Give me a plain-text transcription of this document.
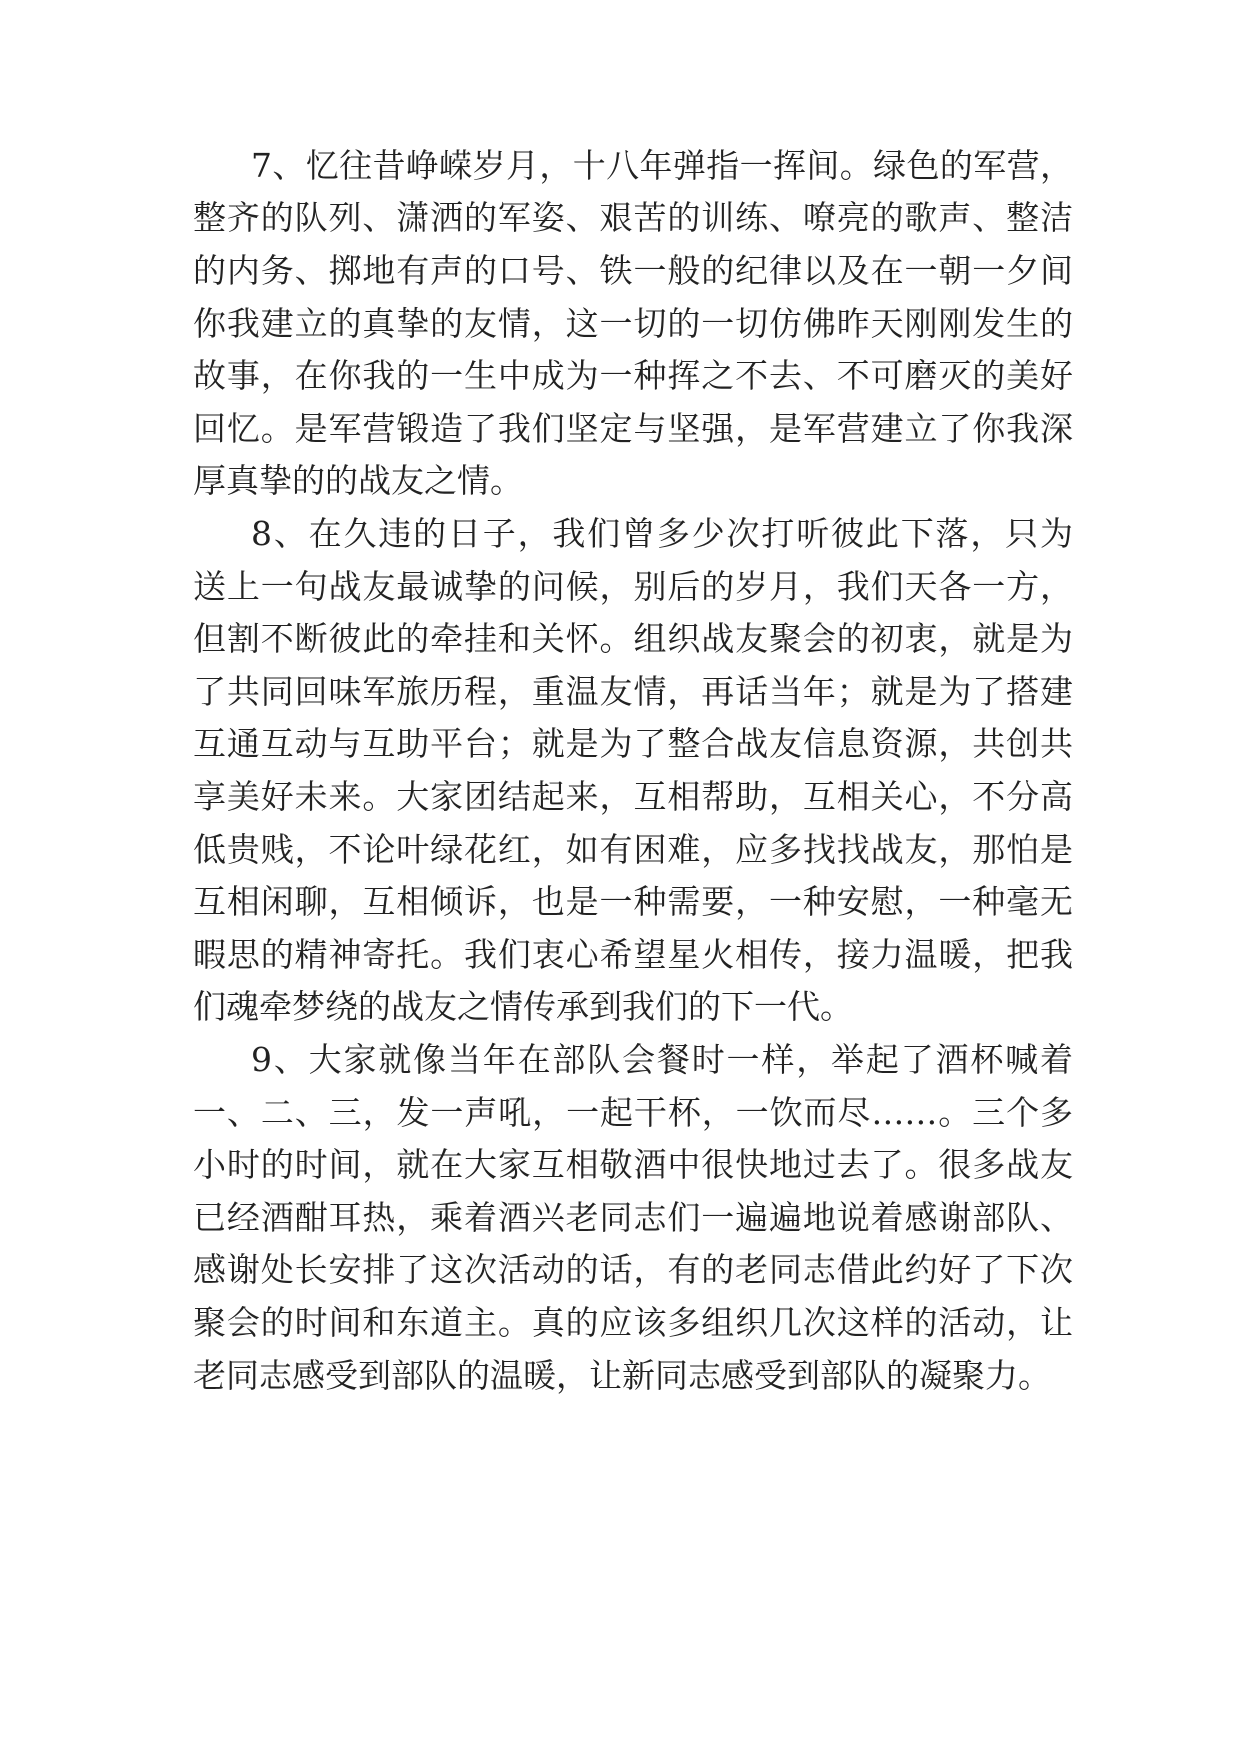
7、忆往昔峥嵘岁月，十八年弹指一挥间。绿色的军营，

整齐的队列、潇洒的军姿、艰苦的训练、嘹亮的歌声、整洁

的内务、掷地有声的口号、铁一般的纪律以及在一朝一夕间

你我建立的真挚的友情，这一切的一切仿佛昨天刚刚发生的

故事，在你我的一生中成为一种挥之不去、不可磨灭的美好

回忆。是军营锻造了我们坚定与坚强，是军营建立了你我深

厚真挚的的战友之情。

8、在久违的日子，我们曾多少次打听彼此下落，只为

送上一句战友最诚挚的问候，别后的岁月，我们天各一方，

但割不断彼此的牵挂和关怀。组织战友聚会的初衷，就是为

了共同回味军旅历程，重温友情，再话当年；就是为了搭建

互通互动与互助平台；就是为了整合战友信息资源，共创共

享美好未来。大家团结起来，互相帮助，互相关心，不分高

低贵贱，不论叶绿花红，如有困难，应多找找战友，那怕是

互相闲聊，互相倾诉，也是一种需要，一种安慰，一种毫无

暇思的精神寄托。我们衷心希望星火相传，接力温暖，把我

们魂牵梦绕的战友之情传承到我们的下一代。

9、大家就像当年在部队会餐时一样，举起了酒杯喊着

一、二、三，发一声吼，一起干杯，一饮而尽……。三个多

小时的时间，就在大家互相敬酒中很快地过去了。很多战友

已经酒酣耳热，乘着酒兴老同志们一遍遍地说着感谢部队、

感谢处长安排了这次活动的话，有的老同志借此约好了下次

聚会的时间和东道主。真的应该多组织几次这样的活动，让

老同志感受到部队的温暖，让新同志感受到部队的凝聚力。
